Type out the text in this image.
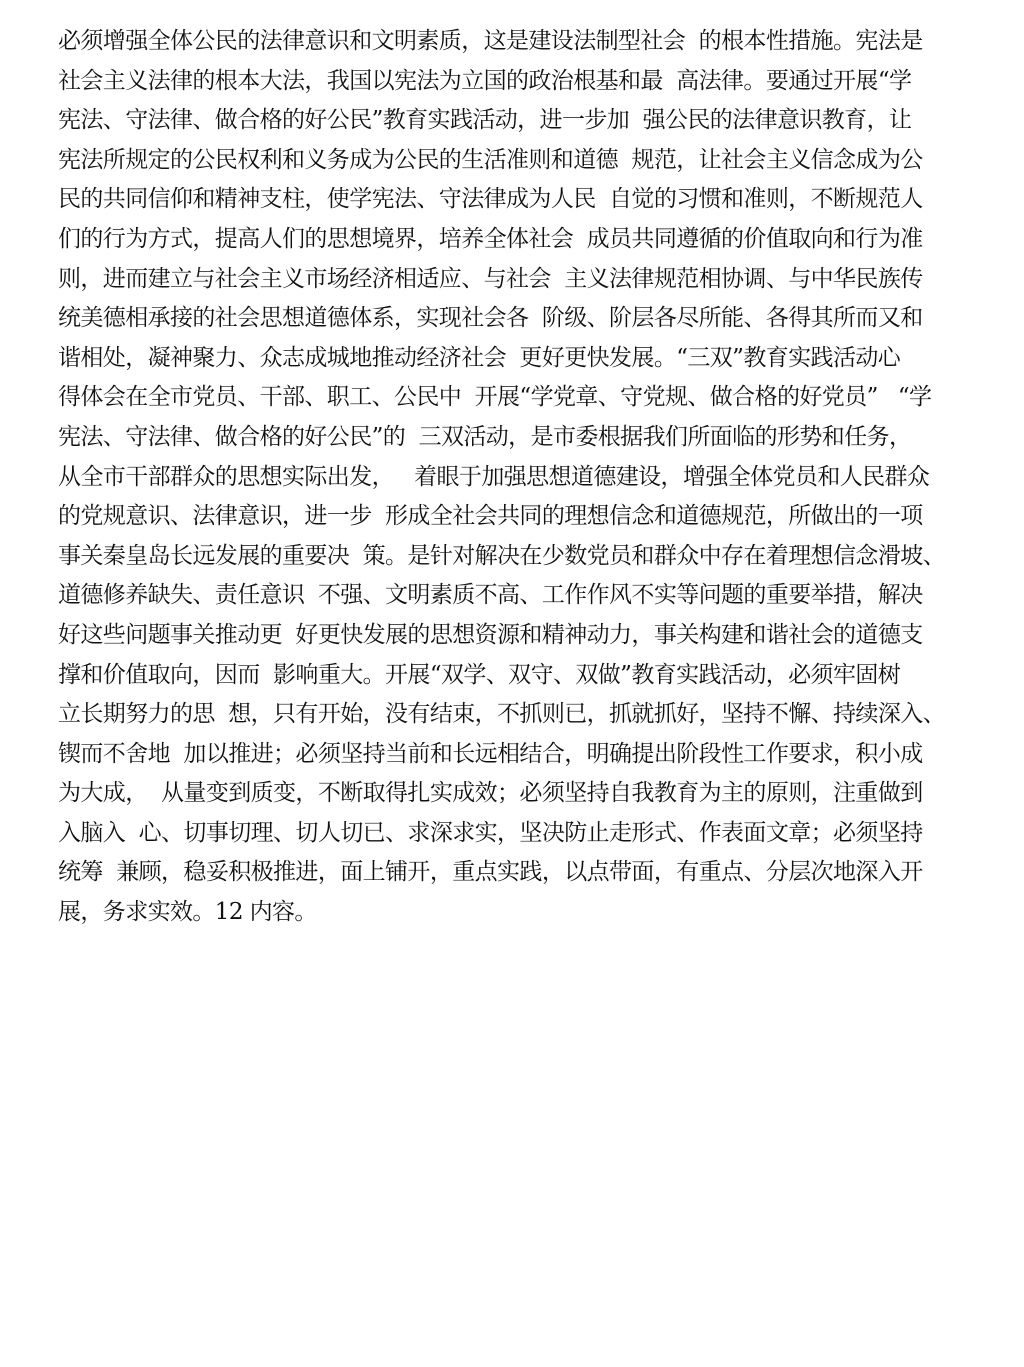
必须增强全体公民的法律意识和文明素质，这是建设法制型社会  的根本性措施。宪法是
社会主义法律的根本大法，我国以宪法为立国的政治根基和最  高法律。要通过开展“学
宪法、守法律、做合格的好公民”教育实践活动，进一步加  强公民的法律意识教育，让
宪法所规定的公民权利和义务成为公民的生活准则和道德  规范，让社会主义信念成为公
民的共同信仰和精神支柱，使学宪法、守法律成为人民  自觉的习惯和准则，不断规范人
们的行为方式，提高人们的思想境界，培养全体社会  成员共同遵循的价值取向和行为准
则，进而建立与社会主义市场经济相适应、与社会  主义法律规范相协调、与中华民族传
统美德相承接的社会思想道德体系，实现社会各  阶级、阶层各尽所能、各得其所而又和
谐相处，凝神聚力、众志成城地推动经济社会  更好更快发展。“三双”教育实践活动心
得体会在全市党员、干部、职工、公民中  开展“学党章、守党规、做合格的好党员”   “学
宪法、守法律、做合格的好公民”的  三双活动，是市委根据我们所面临的形势和任务，
从全市干部群众的思想实际出发，   着眼于加强思想道德建设，增强全体党员和人民群众
的党规意识、法律意识，进一步  形成全社会共同的理想信念和道德规范，所做出的一项
事关秦皇岛长远发展的重要决  策。是针对解决在少数党员和群众中存在着理想信念滑坡、
道德修养缺失、责任意识  不强、文明素质不高、工作作风不实等问题的重要举措，解决
好这些问题事关推动更  好更快发展的思想资源和精神动力，事关构建和谐社会的道德支
撑和价值取向，因而  影响重大。开展“双学、双守、双做”教育实践活动，必须牢固树
立长期努力的思  想，只有开始，没有结束，不抓则已，抓就抓好，坚持不懈、持续深入、
锲而不舍地  加以推进；必须坚持当前和长远相结合，明确提出阶段性工作要求，积小成
为大成，  从量变到质变，不断取得扎实成效；必须坚持自我教育为主的原则，注重做到
入脑入  心、切事切理、切人切已、求深求实，坚决防止走形式、作表面文章；必须坚持
统筹  兼顾，稳妥积极推进，面上铺开，重点实践，以点带面，有重点、分层次地深入开
展，务求实效。12 内容。
